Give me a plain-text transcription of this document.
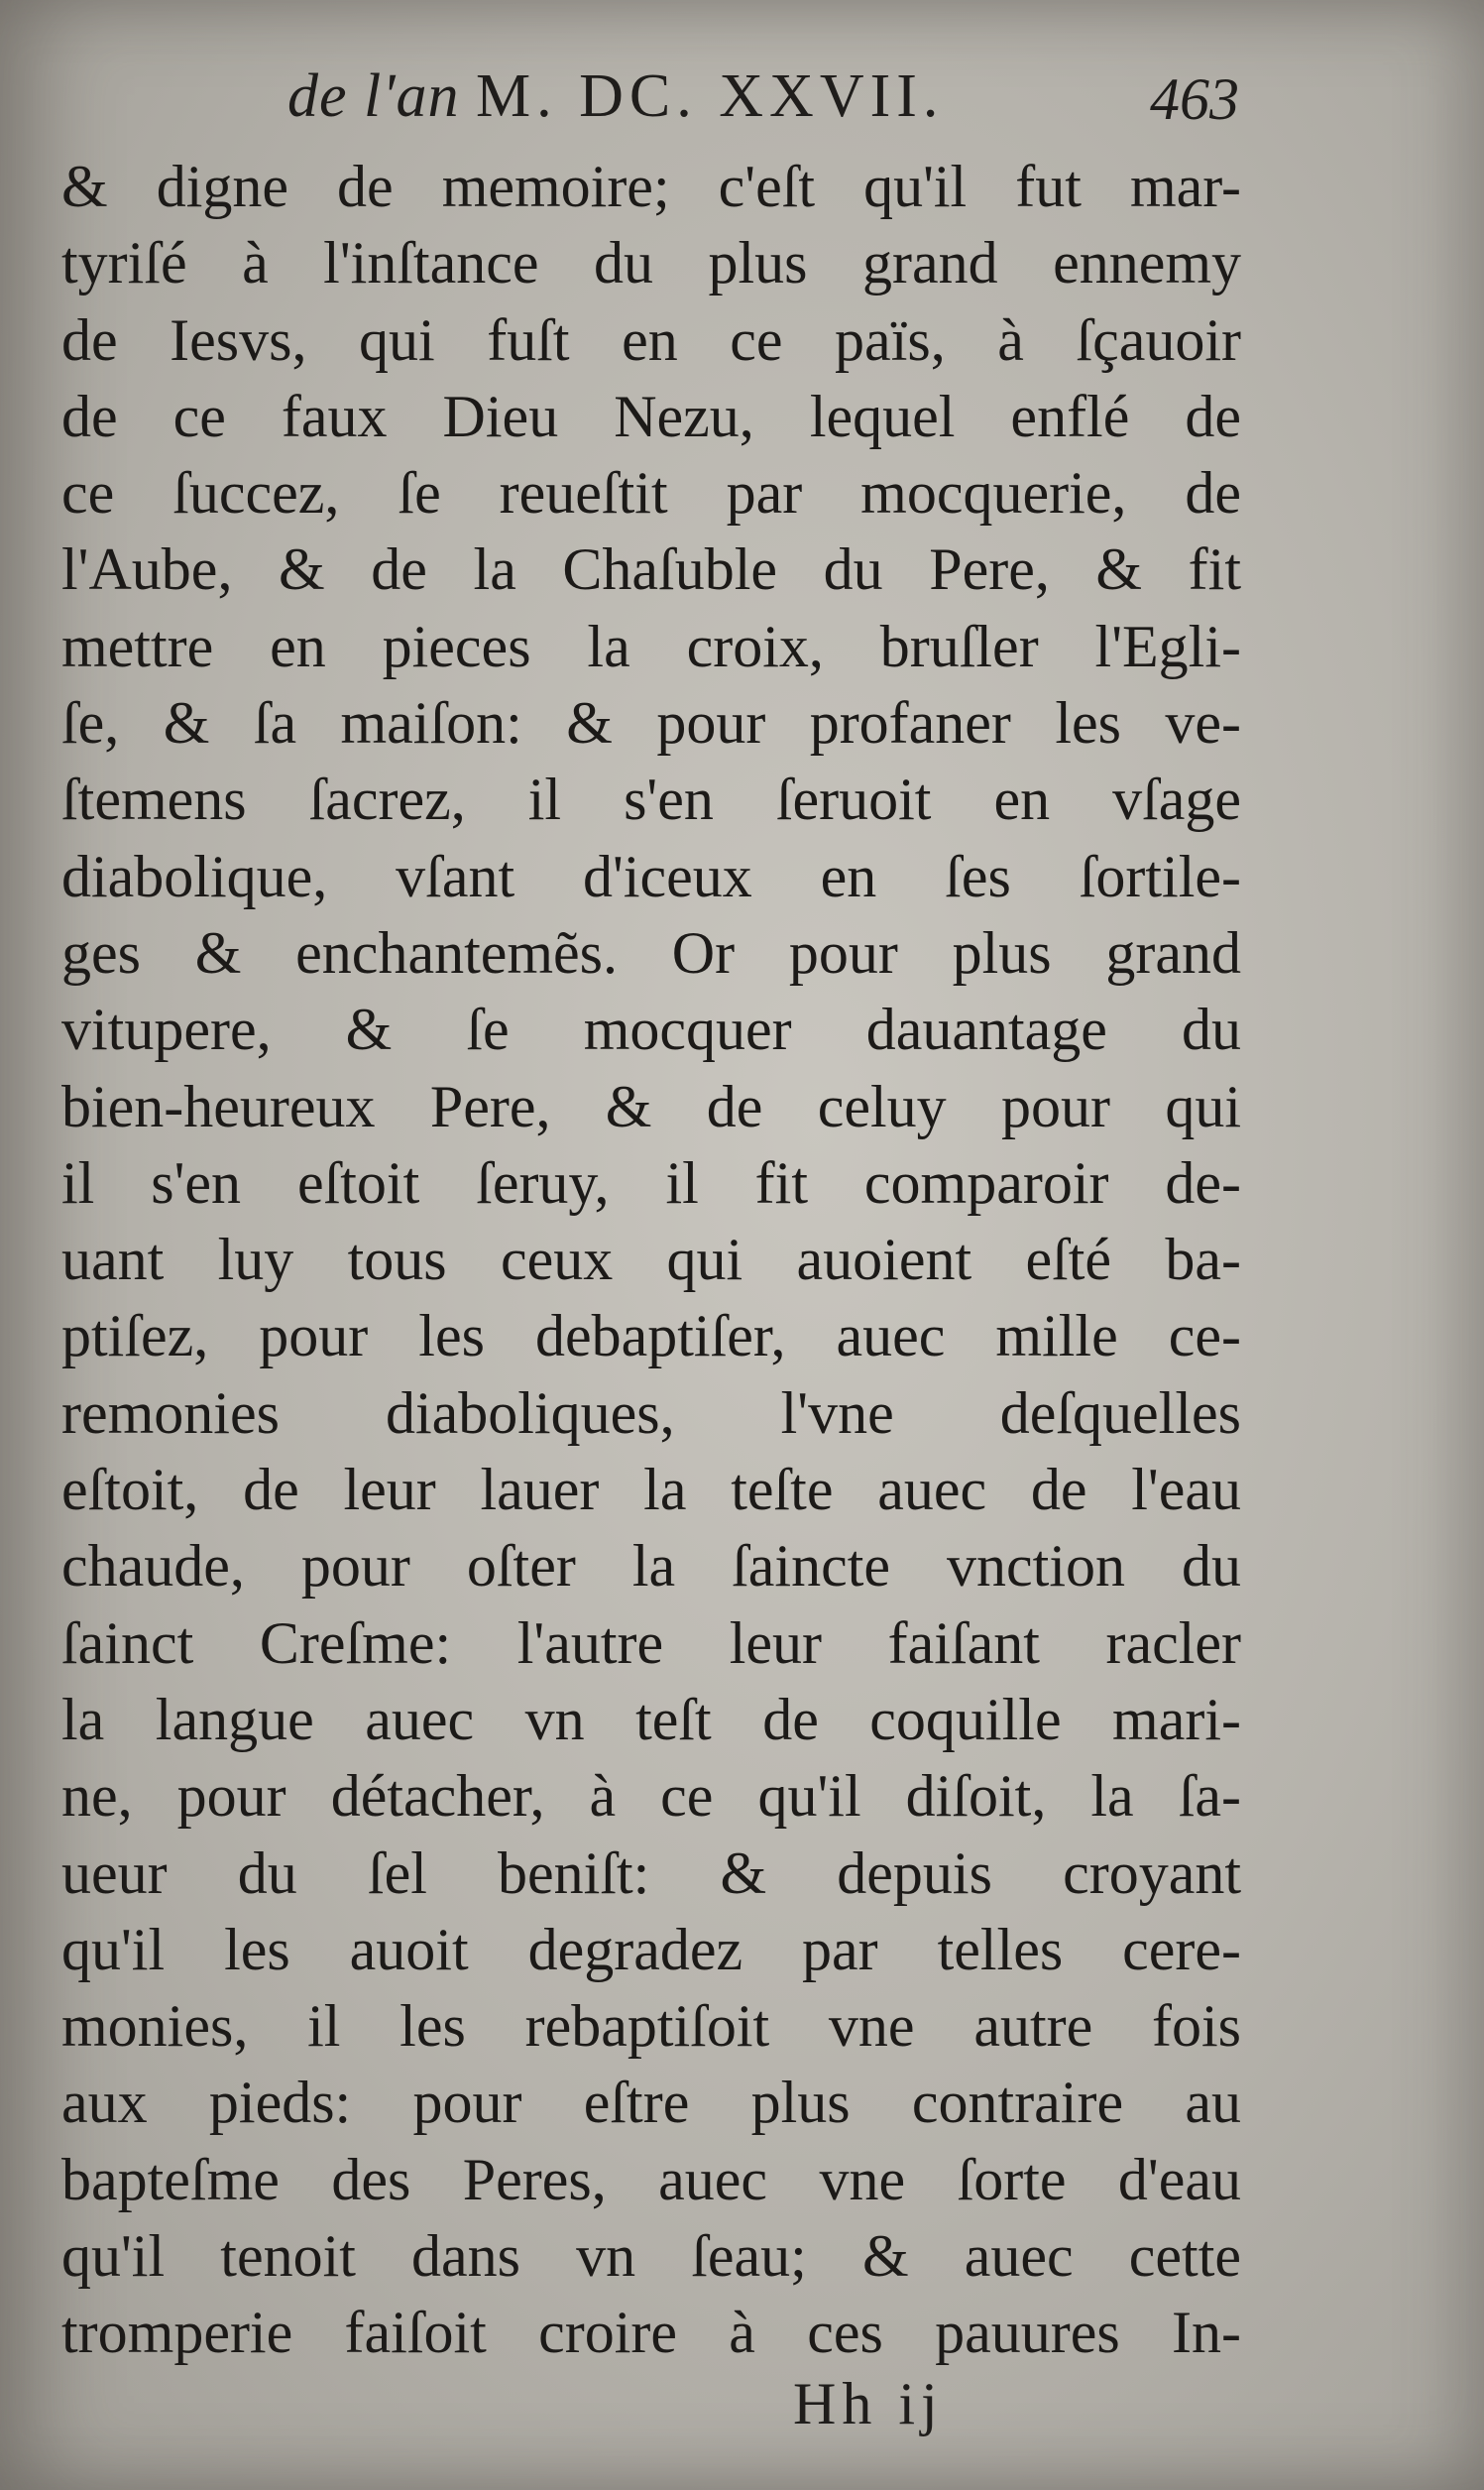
de l'an M. DC. XXVII.	463
& digne de memoire; c'eſt qu'il fut mar-
tyriſé à l'inſtance du plus grand ennemy
de Iesvs, qui fuſt en ce païs, à ſçauoir
de ce faux Dieu Nezu, lequel enflé de
ce ſuccez, ſe reueſtit par mocquerie, de
l'Aube, & de la Chaſuble du Pere, & fit
mettre en pieces la croix, bruſler l'Egli-
ſe, & ſa maiſon: & pour profaner les ve-
ſtemens ſacrez, il s'en ſeruoit en vſage
diabolique, vſant d'iceux en ſes ſortile-
ges & enchantemẽs. Or pour plus grand
vitupere, & ſe mocquer dauantage du
bien-heureux Pere, & de celuy pour qui
il s'en eſtoit ſeruy, il fit comparoir de-
uant luy tous ceux qui auoient eſté ba-
ptiſez, pour les debaptiſer, auec mille ce-
remonies diaboliques, l'vne deſquelles
eſtoit, de leur lauer la teſte auec de l'eau
chaude, pour oſter la ſaincte vnction du
ſainct Creſme: l'autre leur faiſant racler
la langue auec vn teſt de coquille mari-
ne, pour détacher, à ce qu'il diſoit, la ſa-
ueur du ſel beniſt: & depuis croyant
qu'il les auoit degradez par telles cere-
monies, il les rebaptiſoit vne autre fois
aux pieds: pour eſtre plus contraire au
bapteſme des Peres, auec vne ſorte d'eau
qu'il tenoit dans vn ſeau; & auec cette
tromperie faiſoit croire à ces pauures In-
Hh ij
